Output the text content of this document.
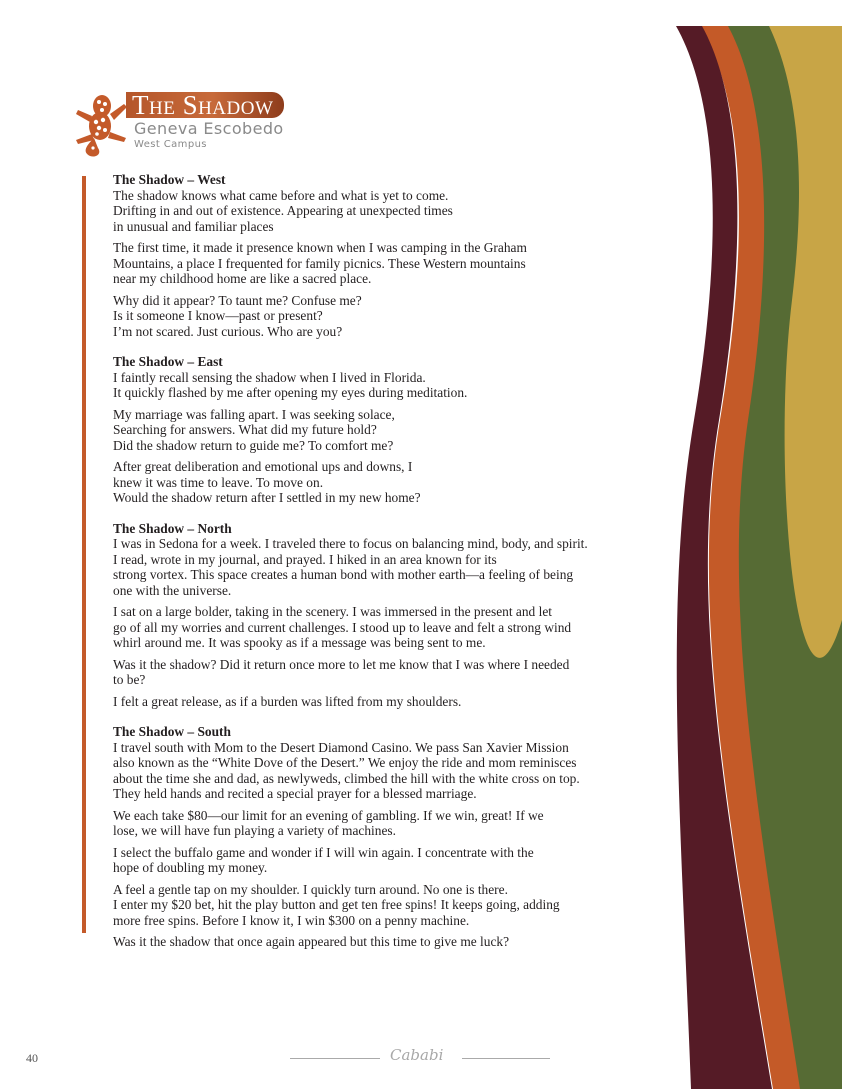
The Shadow
Geneva Escobedo
West Campus
The Shadow – West

The shadow knows what came before and what is yet to come.
Drifting in and out of existence. Appearing at unexpected times
in unusual and familiar places

The first time, it made it presence known when I was camping in the Graham
Mountains, a place I frequented for family picnics. These Western mountains
near my childhood home are like a sacred place.

Why did it appear? To taunt me? Confuse me?
Is it someone I know—past or present?
I’m not scared. Just curious. Who are you?

The Shadow – East

I faintly recall sensing the shadow when I lived in Florida.
It quickly flashed by me after opening my eyes during meditation.

My marriage was falling apart. I was seeking solace,
Searching for answers. What did my future hold?
Did the shadow return to guide me? To comfort me?

After great deliberation and emotional ups and downs, I
knew it was time to leave. To move on.
Would the shadow return after I settled in my new home?

The Shadow – North

I was in Sedona for a week. I traveled there to focus on balancing mind, body, and spirit.
I read, wrote in my journal, and prayed. I hiked in an area known for its
strong vortex. This space creates a human bond with mother earth—a feeling of being
one with the universe.

I sat on a large bolder, taking in the scenery. I was immersed in the present and let
go of all my worries and current challenges. I stood up to leave and felt a strong wind
whirl around me. It was spooky as if a message was being sent to me.

Was it the shadow? Did it return once more to let me know that I was where I needed
to be?

I felt a great release, as if a burden was lifted from my shoulders.

The Shadow – South

I travel south with Mom to the Desert Diamond Casino. We pass San Xavier Mission
also known as the “White Dove of the Desert.” We enjoy the ride and mom reminisces
about the time she and dad, as newlyweds, climbed the hill with the white cross on top.
They held hands and recited a special prayer for a blessed marriage.

We each take $80—our limit for an evening of gambling. If we win, great! If we
lose, we will have fun playing a variety of machines.

I select the buffalo game and wonder if I will win again. I concentrate with the
hope of doubling my money.

A feel a gentle tap on my shoulder. I quickly turn around. No one is there.
I enter my $20 bet, hit the play button and get ten free spins! It keeps going, adding
more free spins. Before I know it, I win $300 on a penny machine.

Was it the shadow that once again appeared but this time to give me luck?

40	Cababi
